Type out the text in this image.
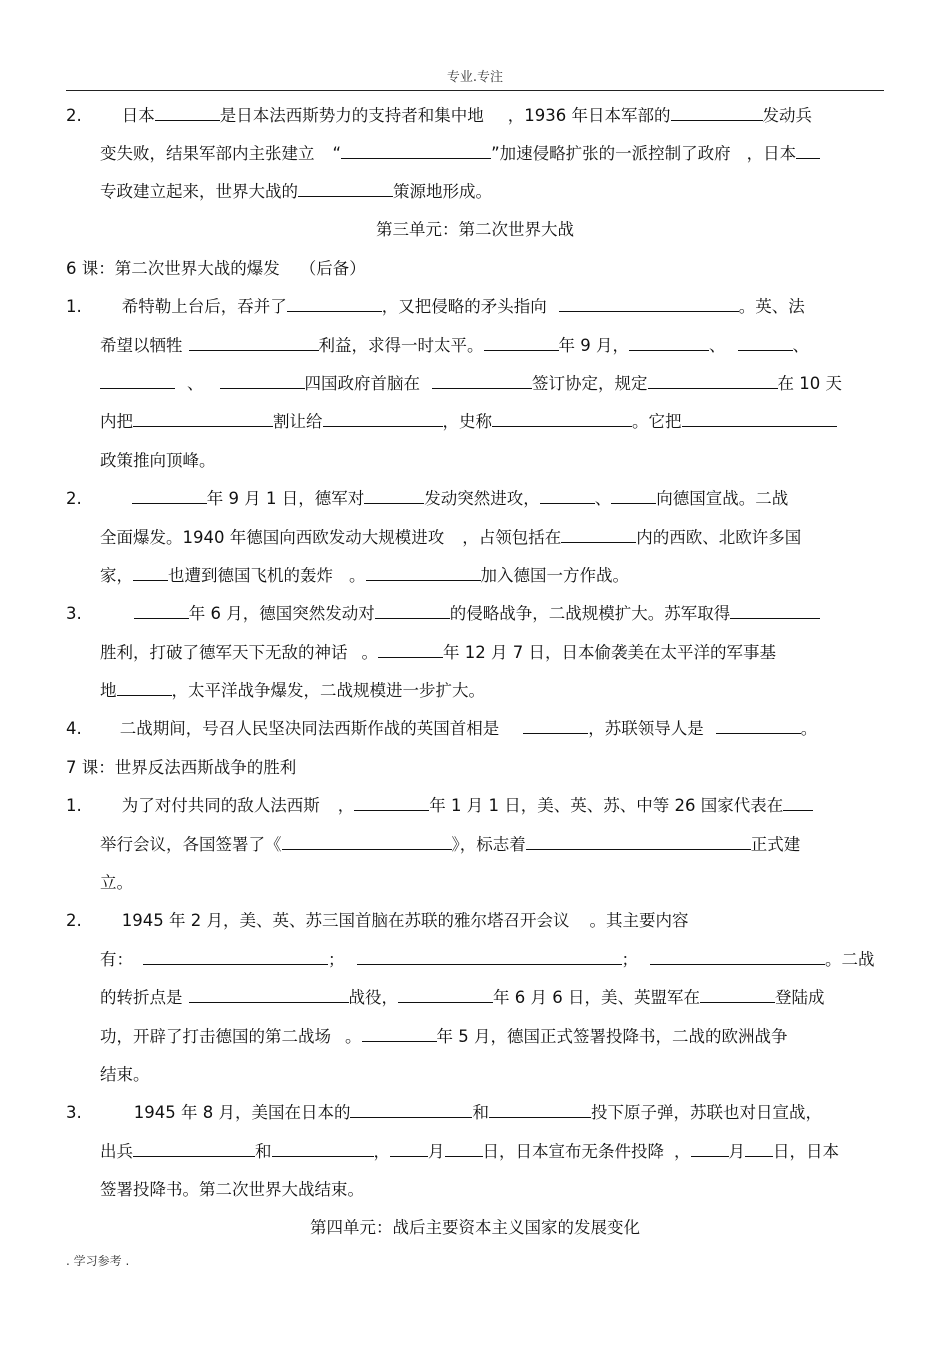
专业.专注
2. 日本	是日本法西斯势力的支持者和集中地 ，1936 年日本军部的	发动兵
变失败，结果军部内主张建立 “	”加速侵略扩张的一派控制了政府 ，日本
专政建立起来，世界大战的	策源地形成。
第三单元：第二次世界大战
6 课：第二次世界大战的爆发 （后备）
1. 希特勒上台后，吞并了	，又把侵略的矛头指向	。英、法
希望以牺牲	利益，求得一时太平。	年 9 月，	、	、
、	四国政府首脑在	签订协定，规定	在 10 天
内把	割让给	，史称	。它把
政策推向顶峰。
2.	年 9 月 1 日，德军对	发动突然进攻，	、	向德国宣战。二战
全面爆发。1940 年德国向西欧发动大规模进攻 ，占领包括在	内的西欧、北欧许多国
家， 也遭到德国飞机的轰炸 。	加入德国一方作战。
3.	年 6 月，德国突然发动对	的侵略战争，二战规模扩大。苏军取得
胜利，打破了德军天下无敌的神话 。	年 12 月 7 日，日本偷袭美在太平洋的军事基
地	，太平洋战争爆发，二战规模进一步扩大。
4. 二战期间，号召人民坚决同法西斯作战的英国首相是	，苏联领导人是	。
7 课：世界反法西斯战争的胜利
1. 为了对付共同的敌人法西斯 ，	年 1 月 1 日，美、英、苏、中等 26 国家代表在
举行会议，各国签署了《	》，标志着	正式建
立。
2. 1945 年 2 月，美、英、苏三国首脑在苏联的雅尔塔召开会议 。其主要内容
有：	；	；	。二战
的转折点是	战役，	年 6 月 6 日，美、英盟军在	登陆成
功，开辟了打击德国的第二战场 。	年 5 月，德国正式签署投降书，二战的欧洲战争
结束。
3.	1945 年 8 月，美国在日本的	和	投下原子弹，苏联也对日宣战，
出兵	和	， 月 日，日本宣布无条件投降 ， 月 日，日本
签署投降书。第二次世界大战结束。
第四单元：战后主要资本主义国家的发展变化
. 学习参考 .
